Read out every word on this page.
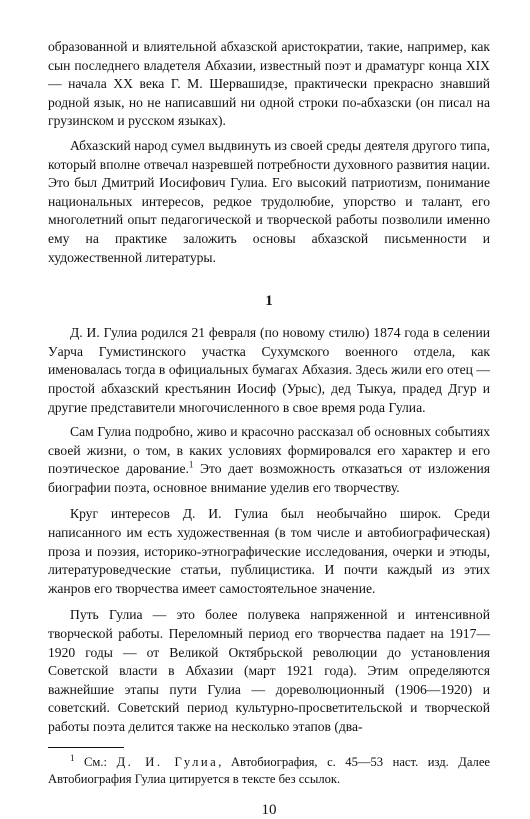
образованной и влиятельной абхазской аристократии, такие, например, как сын последнего владетеля Абхазии, известный поэт и драматург конца XIX — начала XX века Г. М. Шервашидзе, практически прекрасно знавший родной язык, но не написавший ни одной строки по-абхазски (он писал на грузинском и русском языках).

Абхазский народ сумел выдвинуть из своей среды деятеля другого типа, который вполне отвечал назревшей потребности духовного развития нации. Это был Дмитрий Иосифович Гулиа. Его высокий патриотизм, понимание национальных интересов, редкое трудолюбие, упорство и талант, его многолетний опыт педагогической и творческой работы позволили именно ему на практике заложить основы абхазской письменности и художественной литературы.

1

Д. И. Гулиа родился 21 февраля (по новому стилю) 1874 года в селении Уарча Гумистинского участка Сухумского военного отдела, как именовалась тогда в официальных бумагах Абхазия. Здесь жили его отец — простой абхазский крестьянин Иосиф (Урыс), дед Тыкуа, прадед Дгур и другие представители многочисленного в свое время рода Гулиа.

Сам Гулиа подробно, живо и красочно рассказал об основных событиях своей жизни, о том, в каких условиях формировался его характер и его поэтическое дарование.$^1$ Это дает возможность отказаться от изложения биографии поэта, основное внимание уделив его творчеству.

Круг интересов Д. И. Гулиа был необычайно широк. Среди написанного им есть художественная (в том числе и автобиографическая) проза и поэзия, историко-этнографические исследования, очерки и этюды, литературоведческие статьи, публицистика. И почти каждый из этих жанров его творчества имеет самостоятельное значение.

Путь Гулиа — это более полувека напряженной и интенсивной творческой работы. Переломный период его творчества падает на 1917—1920 годы — от Великой Октябрьской революции до установления Советской власти в Абхазии (март 1921 года). Этим определяются важнейшие этапы пути Гулиа — дореволюционный (1906—1920) и советский. Советский период культурно-просветительской и творческой работы поэта делится также на несколько этапов (два-

$^1$ См.: Д. И. Гулиа, Автобиография, с. 45—53 наст. изд. Далее Автобиография Гулиа цитируется в тексте без ссылок.

10
